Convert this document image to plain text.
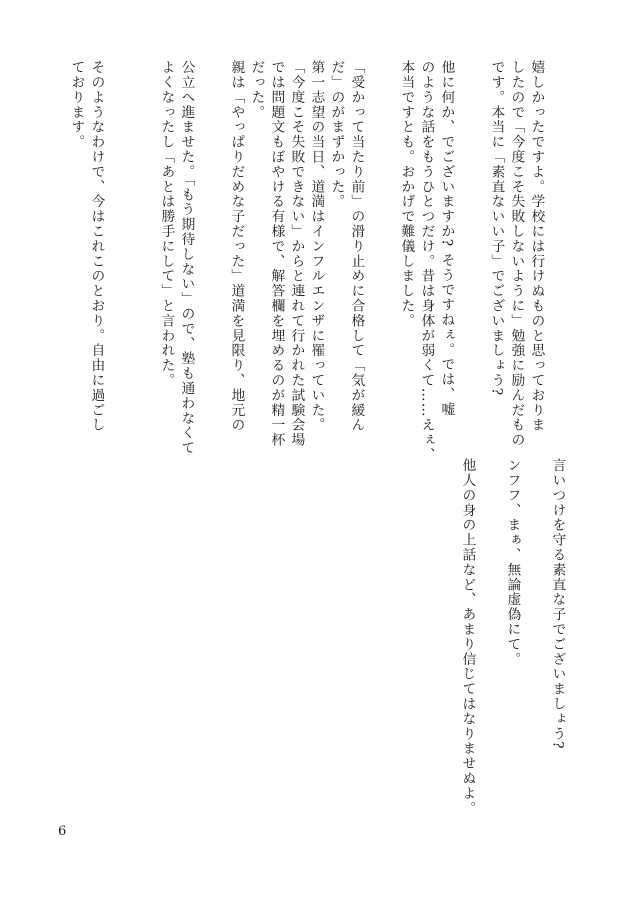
嬉しかったですよ。学校には行けぬものと思っておりま
したので「今度こそ失敗しないように」勉強に励んだもの
です。本当に「素直ないい子」でございましょう?
他に何か、でございますか? そうですねぇ。では、嘘
のような話をもうひとつだけ。昔は身体が弱くて……えぇ、
本当ですとも。おかげで難儀しました。
「受かって当たり前」の滑り止めに合格して「気が緩ん
だ」のがまずかった。
第一志望の当日、道満はインフルエンザに罹っていた。
「今度こそ失敗できない」からと連れて行かれた試験会場
では問題文もぼやける有様で、解答欄を埋めるのが精一杯
だった。
親は「やっぱりだめな子だった」道満を見限り、地元の
公立へ進ませた。「もう期待しない」ので、塾も通わなくて
よくなったし「あとは勝手にして」と言われた。
そのようなわけで、今はこれこのとおり。自由に過ごし
ております。
言いつけを守る素直な子でございましょう?
ンフフ、まぁ、無論虚偽にて。
他人の身の上話など、あまり信じてはなりませぬよ。
6
